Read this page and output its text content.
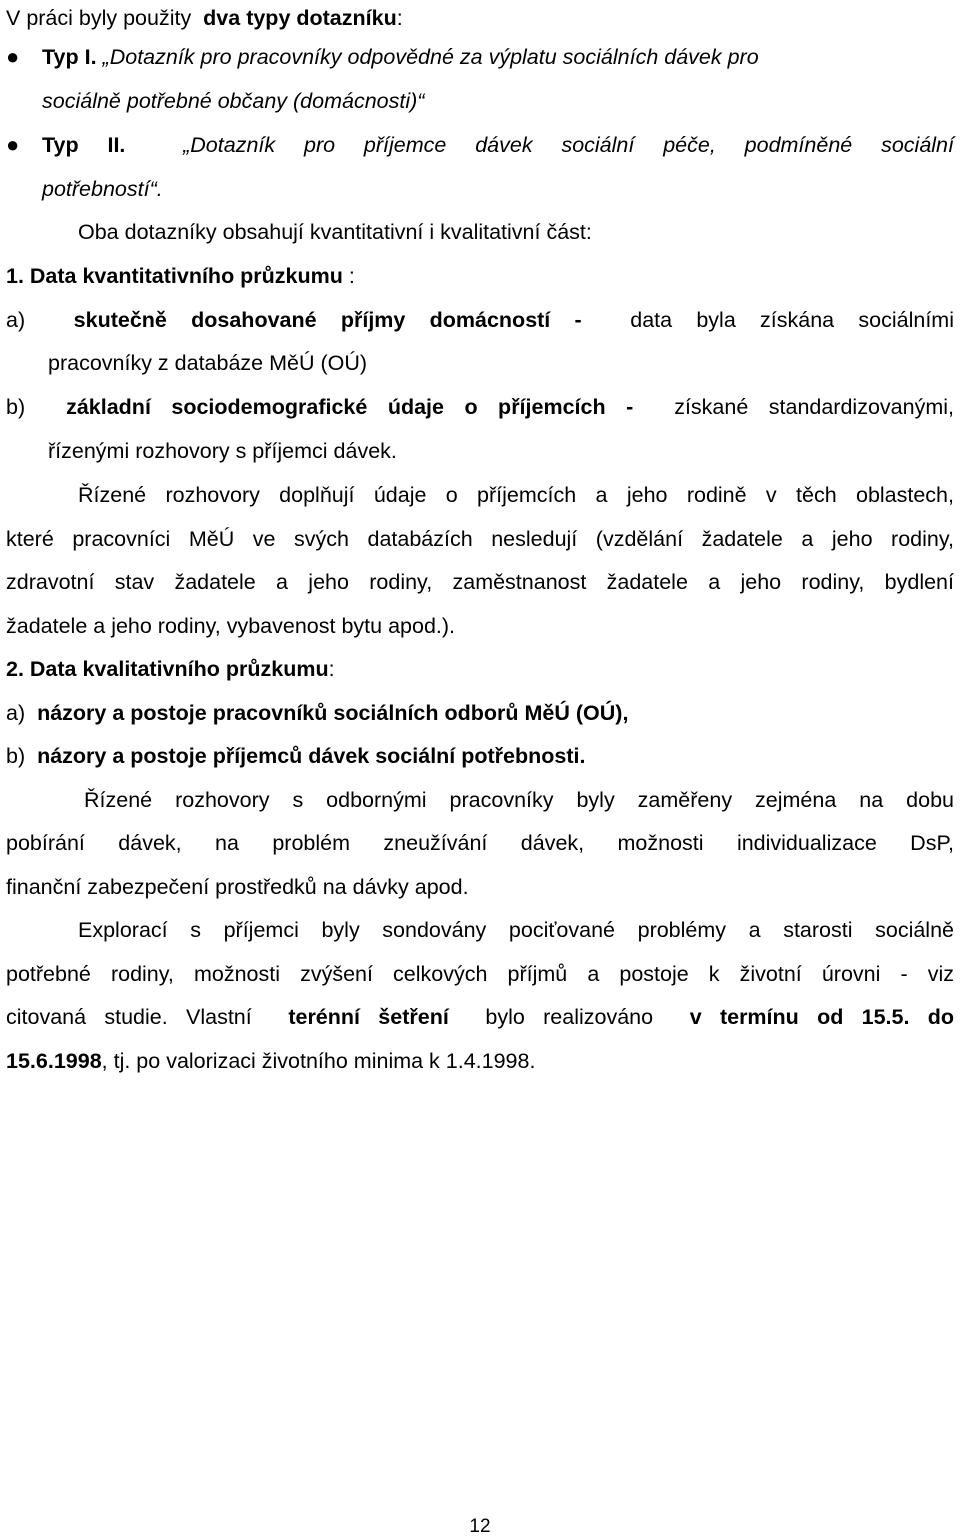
V práci byly použity dva typy dotazníku:
● Typ I. „Dotazník pro pracovníky odpovědné za výplatu sociálních dávek pro
sociálně potřebné občany (domácnosti)“
● Typ II.	„Dotazník pro příjemce dávek sociální péče, podmíněné sociální
potřebností“.
Oba dotazníky obsahují kvantitativní i kvalitativní část:
1. Data kvantitativního průzkumu :
a) skutečně dosahované příjmy domácností - data byla získána sociálními
pracovníky z databáze MěÚ (OÚ)
b) základní sociodemografické údaje o příjemcích - získané standardizovanými,
řízenými rozhovory s příjemci dávek.
Řízené rozhovory doplňují údaje o příjemcích a jeho rodině v těch oblastech,
které pracovníci MěÚ ve svých databázích nesledují (vzdělání žadatele a jeho rodiny,
zdravotní stav žadatele a jeho rodiny, zaměstnanost žadatele a jeho rodiny, bydlení
žadatele a jeho rodiny, vybavenost bytu apod.).
2. Data kvalitativního průzkumu:
a) názory a postoje pracovníků sociálních odborů MěÚ (OÚ),
b) názory a postoje příjemců dávek sociální potřebnosti.
Řízené rozhovory s odbornými pracovníky byly zaměřeny zejména na dobu
pobírání dávek, na problém zneužívání dávek, možnosti individualizace DsP,
finanční zabezpečení prostředků na dávky apod.
Explorací s příjemci byly sondovány pociťované problémy a starosti sociálně
potřebné rodiny, možnosti zvýšení celkových příjmů a postoje k životní úrovni - viz
citovaná studie. Vlastní terénní šetření bylo realizováno v termínu od 15.5. do
15.6.1998, tj. po valorizaci životního minima k 1.4.1998.
12
